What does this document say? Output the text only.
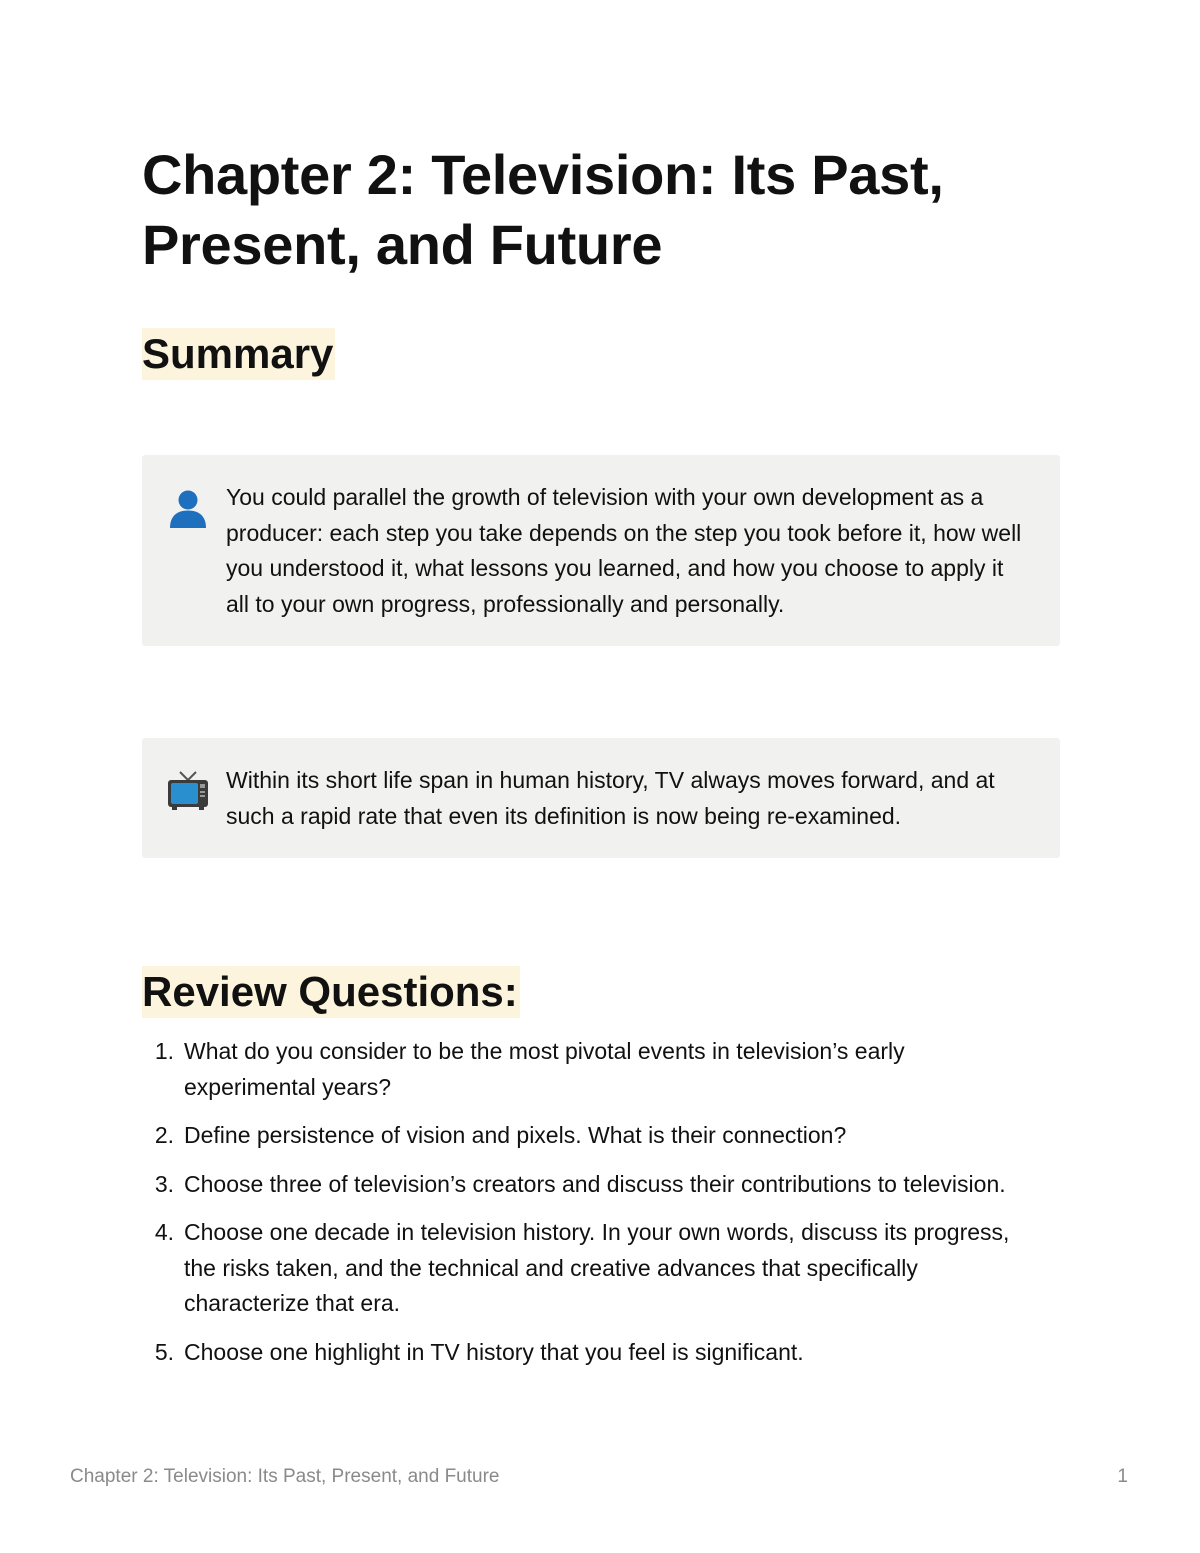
Chapter 2: Television: Its Past, Present, and Future
Summary
You could parallel the growth of television with your own development as a producer: each step you take depends on the step you took before it, how well you understood it, what lessons you learned, and how you choose to apply it all to your own progress, professionally and personally.
Within its short life span in human history, TV always moves forward, and at such a rapid rate that even its definition is now being re-examined.
Review Questions:
1. What do you consider to be the most pivotal events in television’s early experimental years?
2. Define persistence of vision and pixels. What is their connection?
3. Choose three of television’s creators and discuss their contributions to television.
4. Choose one decade in television history. In your own words, discuss its progress, the risks taken, and the technical and creative advances that specifically characterize that era.
5. Choose one highlight in TV history that you feel is significant.
Chapter 2: Television: Its Past, Present, and Future	1
